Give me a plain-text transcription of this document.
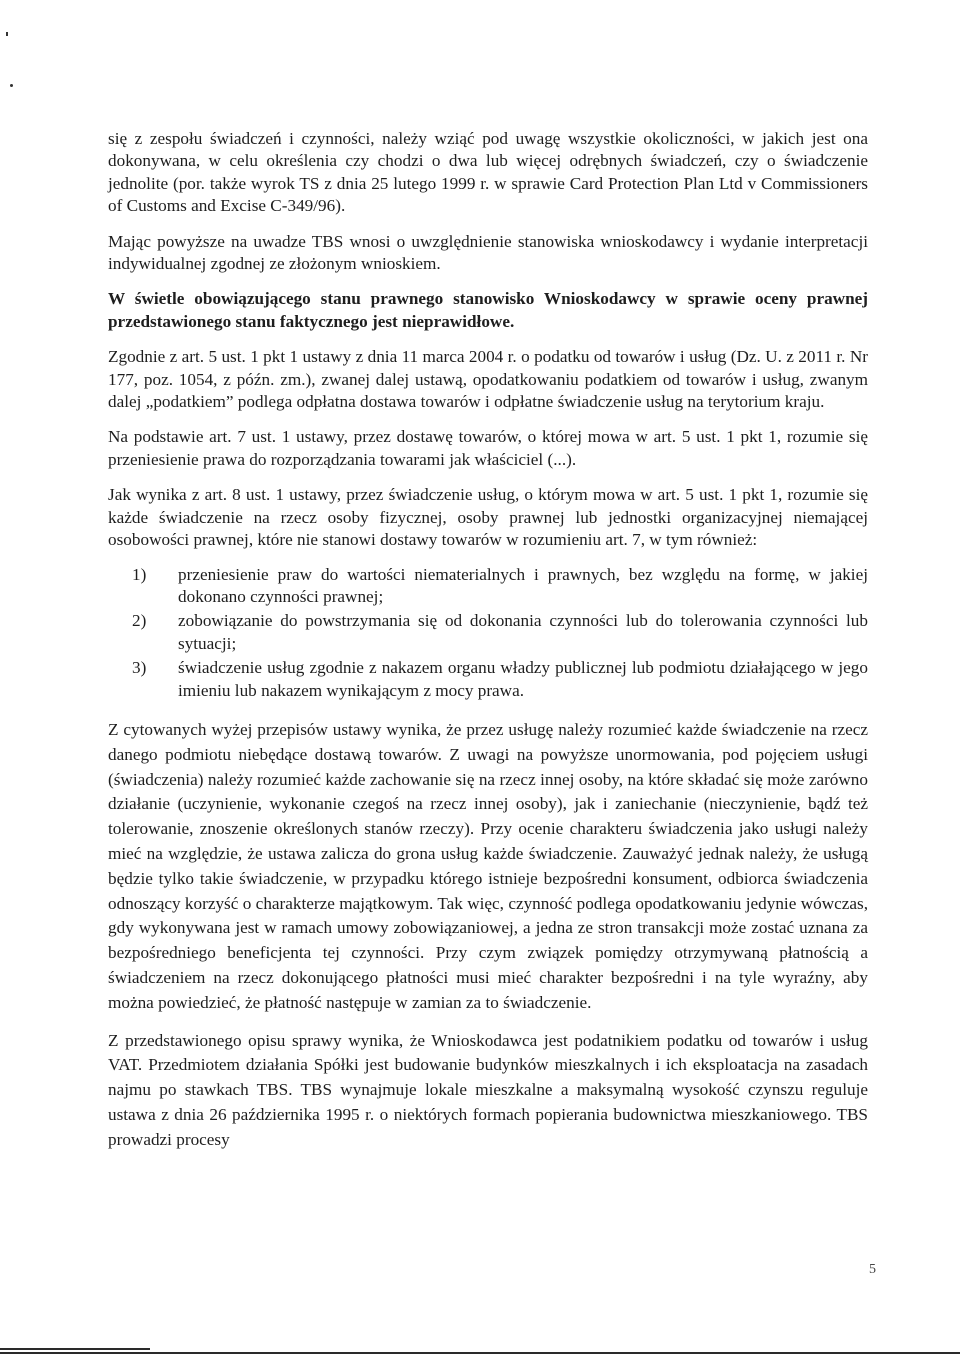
się z zespołu świadczeń i czynności, należy wziąć pod uwagę wszystkie okoliczności, w jakich jest ona dokonywana, w celu określenia czy chodzi o dwa lub więcej odrębnych świadczeń, czy o świadczenie jednolite (por. także wyrok TS z dnia 25 lutego 1999 r. w sprawie Card Protection Plan Ltd v Commissioners of Customs and Excise C-349/96).

Mając powyższe na uwadze TBS wnosi o uwzględnienie stanowiska wnioskodawcy i wydanie interpretacji indywidualnej zgodnej ze złożonym wnioskiem.

W świetle obowiązującego stanu prawnego stanowisko Wnioskodawcy w sprawie oceny prawnej przedstawionego stanu faktycznego jest nieprawidłowe.

Zgodnie z art. 5 ust. 1 pkt 1 ustawy z dnia 11 marca 2004 r. o podatku od towarów i usług (Dz. U. z 2011 r. Nr 177, poz. 1054, z późn. zm.), zwanej dalej ustawą, opodatkowaniu podatkiem od towarów i usług, zwanym dalej „podatkiem” podlega odpłatna dostawa towarów i odpłatne świadczenie usług na terytorium kraju.

Na podstawie art. 7 ust. 1 ustawy, przez dostawę towarów, o której mowa w art. 5 ust. 1 pkt 1, rozumie się przeniesienie prawa do rozporządzania towarami jak właściciel (...).

Jak wynika z art. 8 ust. 1 ustawy, przez świadczenie usług, o którym mowa w art. 5 ust. 1 pkt 1, rozumie się każde świadczenie na rzecz osoby fizycznej, osoby prawnej lub jednostki organizacyjnej niemającej osobowości prawnej, które nie stanowi dostawy towarów w rozumieniu art. 7, w tym również:

1)	przeniesienie praw do wartości niematerialnych i prawnych, bez względu na formę, w jakiej dokonano czynności prawnej;
2)	zobowiązanie do powstrzymania się od dokonania czynności lub do tolerowania czynności lub sytuacji;
3)	świadczenie usług zgodnie z nakazem organu władzy publicznej lub podmiotu działającego w jego imieniu lub nakazem wynikającym z mocy prawa.

Z cytowanych wyżej przepisów ustawy wynika, że przez usługę należy rozumieć każde świadczenie na rzecz danego podmiotu niebędące dostawą towarów. Z uwagi na powyższe unormowania, pod pojęciem usługi (świadczenia) należy rozumieć każde zachowanie się na rzecz innej osoby, na które składać się może zarówno działanie (uczynienie, wykonanie czegoś na rzecz innej osoby), jak i zaniechanie (nieczynienie, bądź też tolerowanie, znoszenie określonych stanów rzeczy). Przy ocenie charakteru świadczenia jako usługi należy mieć na względzie, że ustawa zalicza do grona usług każde świadczenie. Zauważyć jednak należy, że usługą będzie tylko takie świadczenie, w przypadku którego istnieje bezpośredni konsument, odbiorca świadczenia odnoszący korzyść o charakterze majątkowym. Tak więc, czynność podlega opodatkowaniu jedynie wówczas, gdy wykonywana jest w ramach umowy zobowiązaniowej, a jedna ze stron transakcji może zostać uznana za bezpośredniego beneficjenta tej czynności. Przy czym związek pomiędzy otrzymywaną płatnością a świadczeniem na rzecz dokonującego płatności musi mieć charakter bezpośredni i na tyle wyraźny, aby można powiedzieć, że płatność następuje w zamian za to świadczenie.

Z przedstawionego opisu sprawy wynika, że Wnioskodawca jest podatnikiem podatku od towarów i usług VAT. Przedmiotem działania Spółki jest budowanie budynków mieszkalnych i ich eksploatacja na zasadach najmu po stawkach TBS. TBS wynajmuje lokale mieszkalne a maksymalną wysokość czynszu reguluje ustawa z dnia 26 października 1995 r. o niektórych formach popierania budownictwa mieszkaniowego. TBS prowadzi procesy

5
